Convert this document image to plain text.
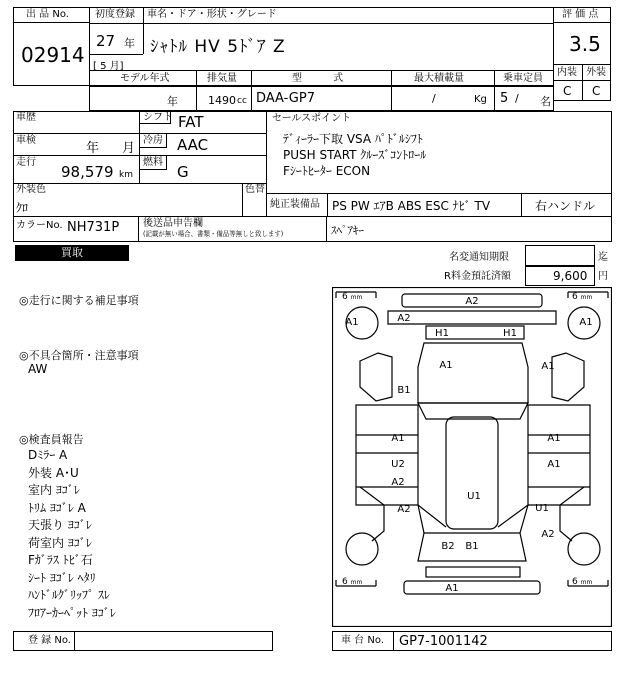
出 品 No.
02914
初度登録 車名・ドア・形状・グレード
27 年
[ 5 月]
ｼｬﾄﾙ HV 5ﾄﾞｱ Z
モデル年式	排気量	型 式	最大積載量	乗車定員
年	1490 cc DAA-GP7	/	Kg 5 / 名
評 価 点
3.5
内装 外装
C C
車歴	シフト FAT
車検
年 月
冷房 AAC
走行
98,579 km
燃料
G
外装色	色替
ｸﾛ
セールスポイント
ﾃﾞｨｰﾗｰ下取 VSA ﾊﾟﾄﾞﾙｼﾌﾄ
PUSH START ｸﾙｰｽﾞｺﾝﾄﾛｰﾙ
Fｼｰﾄﾋｰﾀｰ ECON
純正装備品 PS PW ｴｱB ABS ESC ﾅﾋﾞ TV	右ハンドル
カラーNo. NH731P 後送品申告欄
(記載が無い場合、書類・備品等無しと致します)	ｽﾍﾟｱｷｰ
買取	名変通知期限	迄
R料金預託済額	9,600 円
◎走行に関する補足事項
◎不具合箇所・注意事項
AW
◎検査員報告
Dﾐﾗｰ A
外装 A･U
室内 ﾖｺﾞﾚ
ﾄﾘﾑ ﾖｺﾞﾚ A
天張り ﾖｺﾞﾚ
荷室内 ﾖｺﾞﾚ
Fｶﾞﾗｽ ﾄﾋﾞ石
ｼｰﾄ ﾖｺﾞﾚ ﾍﾀﾘ
ﾊﾝﾄﾞﾙｸﾞﾘｯﾌﾟ ｽﾚ
ﾌﾛｱｰｶｰﾍﾟｯﾄ ﾖｺﾞﾚ
6 mm	6 mm
6 mm	6 mm
A2
A2
H1	H1
A1
A1	A1
A1
B1
A1	A1
U2
A2
A1
U1
A2	U1
A2
B2 B1
A1
登 録 No.	車 台 No. GP7-1001142
